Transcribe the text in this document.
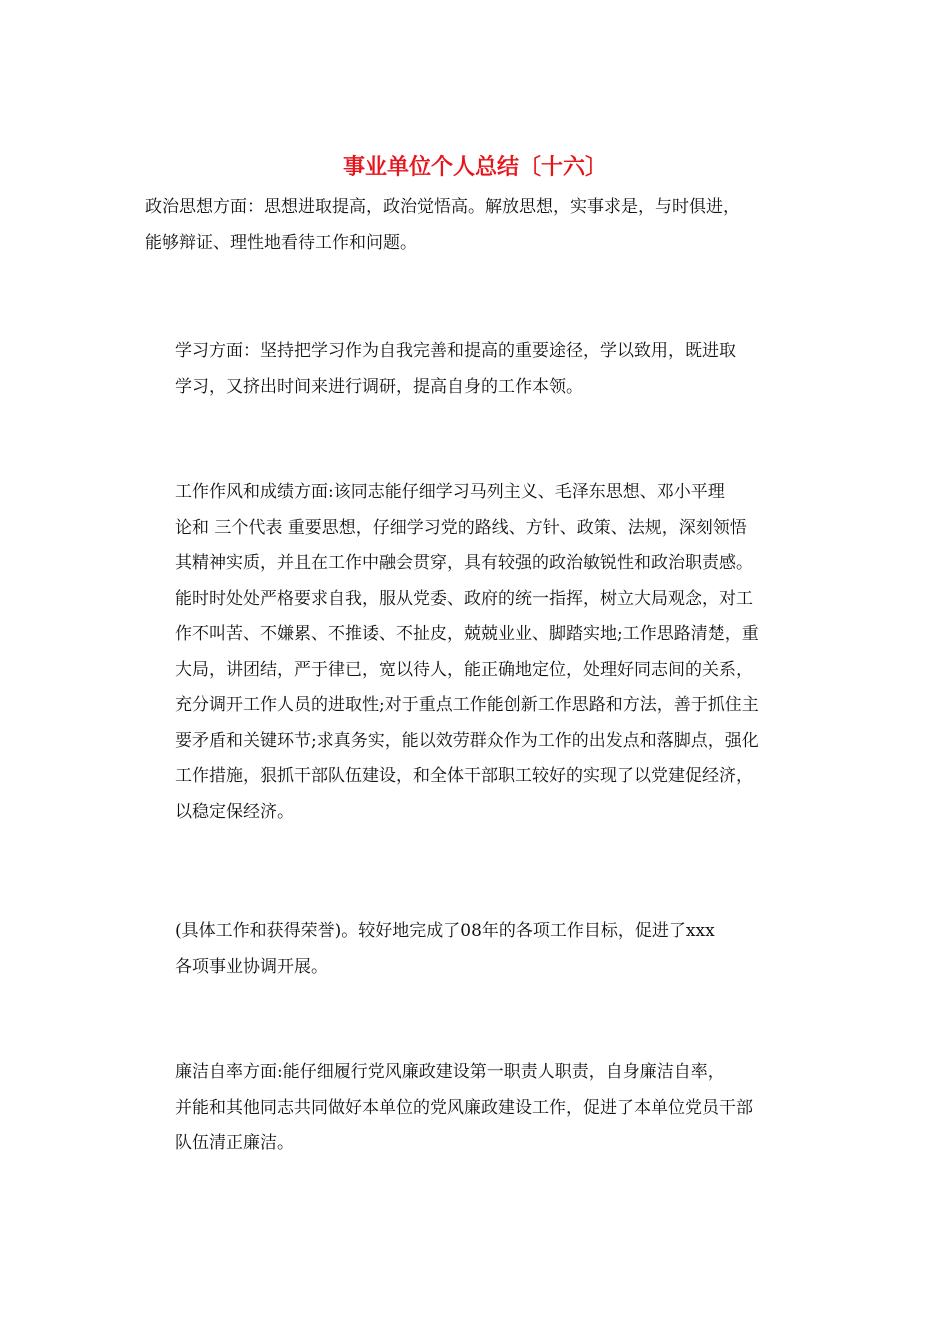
事业单位个人总结〔十六〕

政治思想方面：思想进取提高，政治觉悟高。解放思想，实事求是，与时俱进，
能够辩证、理性地看待工作和问题。

学习方面：坚持把学习作为自我完善和提高的重要途径，学以致用，既进取
学习，又挤出时间来进行调研，提高自身的工作本领。

工作作风和成绩方面:该同志能仔细学习马列主义、毛泽东思想、邓小平理
论和 三个代表 重要思想，仔细学习党的路线、方针、政策、法规，深刻领悟
其精神实质，并且在工作中融会贯穿，具有较强的政治敏锐性和政治职责感。
能时时处处严格要求自我，服从党委、政府的统一指挥，树立大局观念，对工
作不叫苦、不嫌累、不推诿、不扯皮，兢兢业业、脚踏实地;工作思路清楚，重
大局，讲团结，严于律已，宽以待人，能正确地定位，处理好同志间的关系，
充分调开工作人员的进取性;对于重点工作能创新工作思路和方法，善于抓住主
要矛盾和关键环节;求真务实，能以效劳群众作为工作的出发点和落脚点，强化
工作措施，狠抓干部队伍建设，和全体干部职工较好的实现了以党建促经济，
以稳定保经济。

(具体工作和获得荣誉)。较好地完成了08年的各项工作目标，促进了xxx
各项事业协调开展。

廉洁自率方面:能仔细履行党风廉政建设第一职责人职责，自身廉洁自率，
并能和其他同志共同做好本单位的党风廉政建设工作，促进了本单位党员干部
队伍清正廉洁。
